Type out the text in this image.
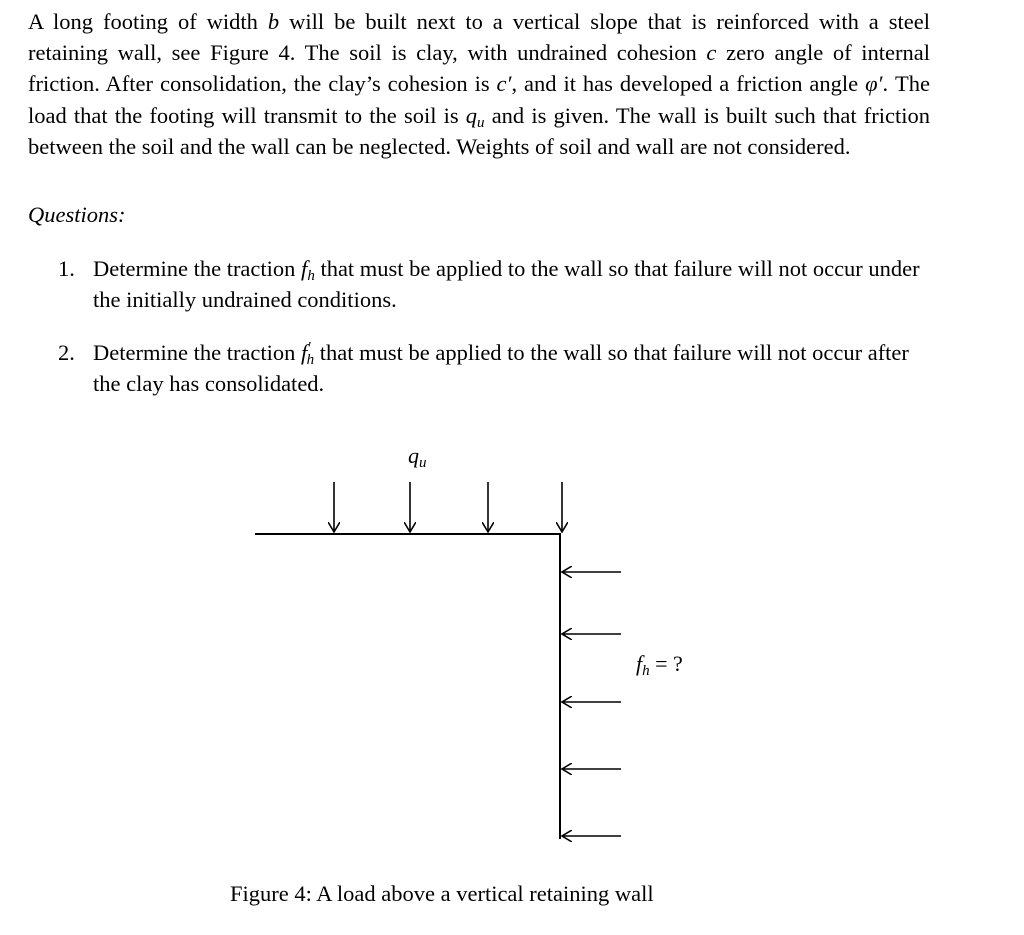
A long footing of width b will be built next to a vertical slope that is reinforced with a steel retaining wall, see Figure 4. The soil is clay, with undrained cohesion c zero angle of internal friction. After consolidation, the clay’s cohesion is c′, and it has developed a friction angle φ′. The load that the footing will transmit to the soil is $q_u$ and is given. The wall is built such that friction between the soil and the wall can be neglected. Weights of soil and wall are not considered.
Questions:
1. Determine the traction $f_h$ that must be applied to the wall so that failure will not occur under the initially undrained conditions.
2. Determine the traction $f'_h$ that must be applied to the wall so that failure will not occur after the clay has consolidated.
qu
fh = ?
Figure 4: A load above a vertical retaining wall
